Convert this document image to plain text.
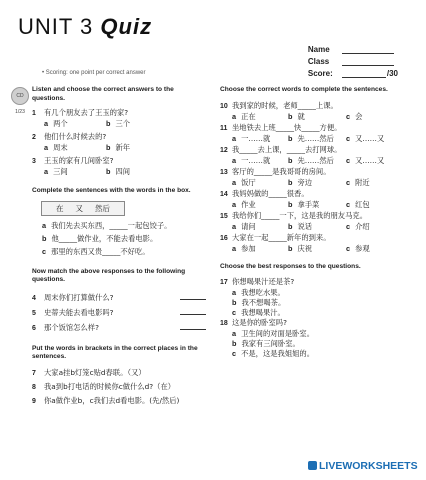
UNIT 3 Quiz
Name
Class
Score:	/30
• Scoring: one point per correct answer
CD 1/23

Listen and choose the correct answers to the questions.

1 有几个朋友去了王玉的家?
a 两个	b 三个
2 他们什么时候去的?
a 周末	b 新年
3 王玉的家有几间卧室?
a 三间	b 四间

Complete the sentences with the words in the box.

在 又 然后
a 我们先去买东西，_____一起包饺子。
b 他_____做作业，不能去看电影。
c 那里的东西又贵_____不好吃。

Now match the above responses to the following questions.

4 周末你们打算做什么?
5 史蒂夫能去看电影吗?
6 那个饭馆怎么样?

Put the words in brackets in the correct places in the sentences.

7 大家a挂b灯笼c贴d春联。（又）
8 我a到b打电话的时候你c做什么d?（在）
9 你a做作业b，c我们去d看电影。(先/然后)

Choose the correct words to complete the sentences.

10 我到家的时候，老师_____上课。
a 正在	b 就	c 会
11 坐地铁去上班_____快_____方便。
a 一……就 b 先……然后 c 又……又
12 我_____去上课，_____去打网球。
a 一……就 b 先……然后 c 又……又
13 客厅的_____是我哥哥的房间。
a 饭厅	b 旁边	c 附近
14 我妈妈做的_____很香。
a 作业	b 拿手菜	c 红包
15 我给你们_____一下，这是我的朋友马克。
a 请问	b 说话	c 介绍
16 大家在一起_____新年的到来。
a 参加	b 庆祝	c 参观

Choose the best responses to the questions.

17 你想喝果汁还是茶?
a 我想吃水果。
b 我不想喝茶。
c 我想喝果汁。
18 这是你的卧室吗?
a 卫生间的对面是卧室。
b 我家有三间卧室。
c 不是，这是我姐姐的。
LIVEWORKSHEETS
